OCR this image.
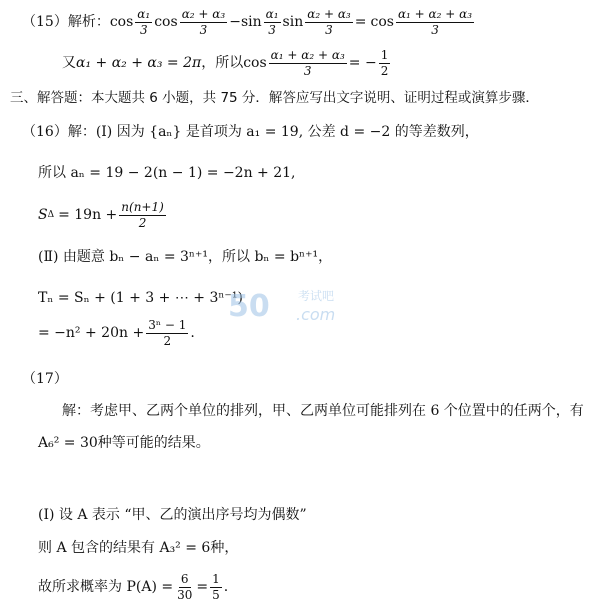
（15）解析： $\cos \frac{\text{α₁}}{3}$ $\cos \frac{\text{α₂ + α₃}}{3} - \sin \frac{\text{α₁}}{3}$ $\sin \frac{\text{α₂ + α₃}}{3} = \cos \frac{\text{α₁ + α₂ + α₃}}{3}$
又 α₁ + α₂ + α₃ = 2π ，所以 $\cos \frac{\text{α₁ + α₂ + α₃}}{3}$ = − $\frac{1}{2}$
三、解答题：本大题共 6 小题，共 75 分．解答应写出文字说明、证明过程或演算步骤．
（16）解：(Ⅰ) 因为 {aₙ} 是首项为 a₁ = 19, 公差 d = −2 的等差数列，
所以 aₙ = 19 − 2(n − 1) = −2n + 21,
S $\Delta = 19n + \frac{n(n+1)}{2}$
(Ⅱ) 由题意 bₙ − aₙ = 3ⁿ⁺¹，所以 bₙ = bⁿ⁺¹，
Tₙ = Sₙ + (1 + 3 + ⋯ + 3ⁿ⁻¹)
= $-n^2 + 20n + \frac{\text{3ⁿ − 1}}{2}$ .
（17）
解：考虑甲、乙两个单位的排列，甲、乙两单位可能排列在 6 个位置中的任两个，有
A₆² = 30种等可能的结果。
(Ⅰ) 设 A 表示 “甲、乙的演出序号均为偶数”
则 A 包含的结果有 A₃² = 6种，
故所求概率为 $P(A) = \frac{6}{30} = \frac{1}{5}$ .
50 考试吧
.com
